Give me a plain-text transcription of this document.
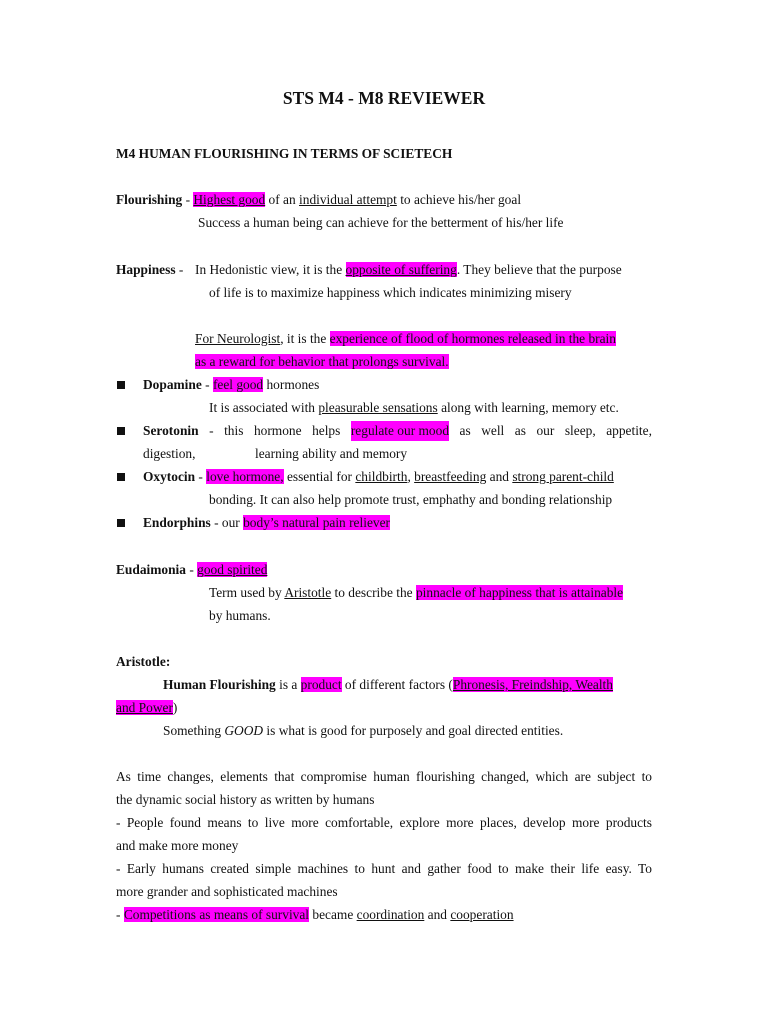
STS M4 - M8 REVIEWER
M4 HUMAN FLOURISHING IN TERMS OF SCIETECH
Flourishing - Highest good of an individual attempt to achieve his/her goal
Success a human being can achieve for the betterment of his/her life
Happiness - In Hedonistic view, it is the opposite of suffering. They believe that the purpose
of life is to maximize happiness which indicates minimizing misery
For Neurologist, it is the experience of flood of hormones released in the brain
as a reward for behavior that prolongs survival.
Dopamine - feel good hormones
It is associated with pleasurable sensations along with learning, memory etc.
Serotonin - this hormone helps regulate our mood as well as our sleep, appetite,
digestion,	learning ability and memory
Oxytocin - love hormone, essential for childbirth, breastfeeding and strong parent-child
bonding. It can also help promote trust, emphathy and bonding relationship
Endorphins - our body’s natural pain reliever
Eudaimonia - good spirited
Term used by Aristotle to describe the pinnacle of happiness that is attainable
by humans.
Aristotle:
Human Flourishing is a product of different factors (Phronesis, Freindship, Wealth
and Power)
Something GOOD is what is good for purposely and goal directed entities.
As time changes, elements that compromise human flourishing changed, which are subject to
the dynamic social history as written by humans
- People found means to live more comfortable, explore more places, develop more products
and make more money
- Early humans created simple machines to hunt and gather food to make their life easy. To
more grander and sophisticated machines
- Competitions as means of survival became coordination and cooperation
